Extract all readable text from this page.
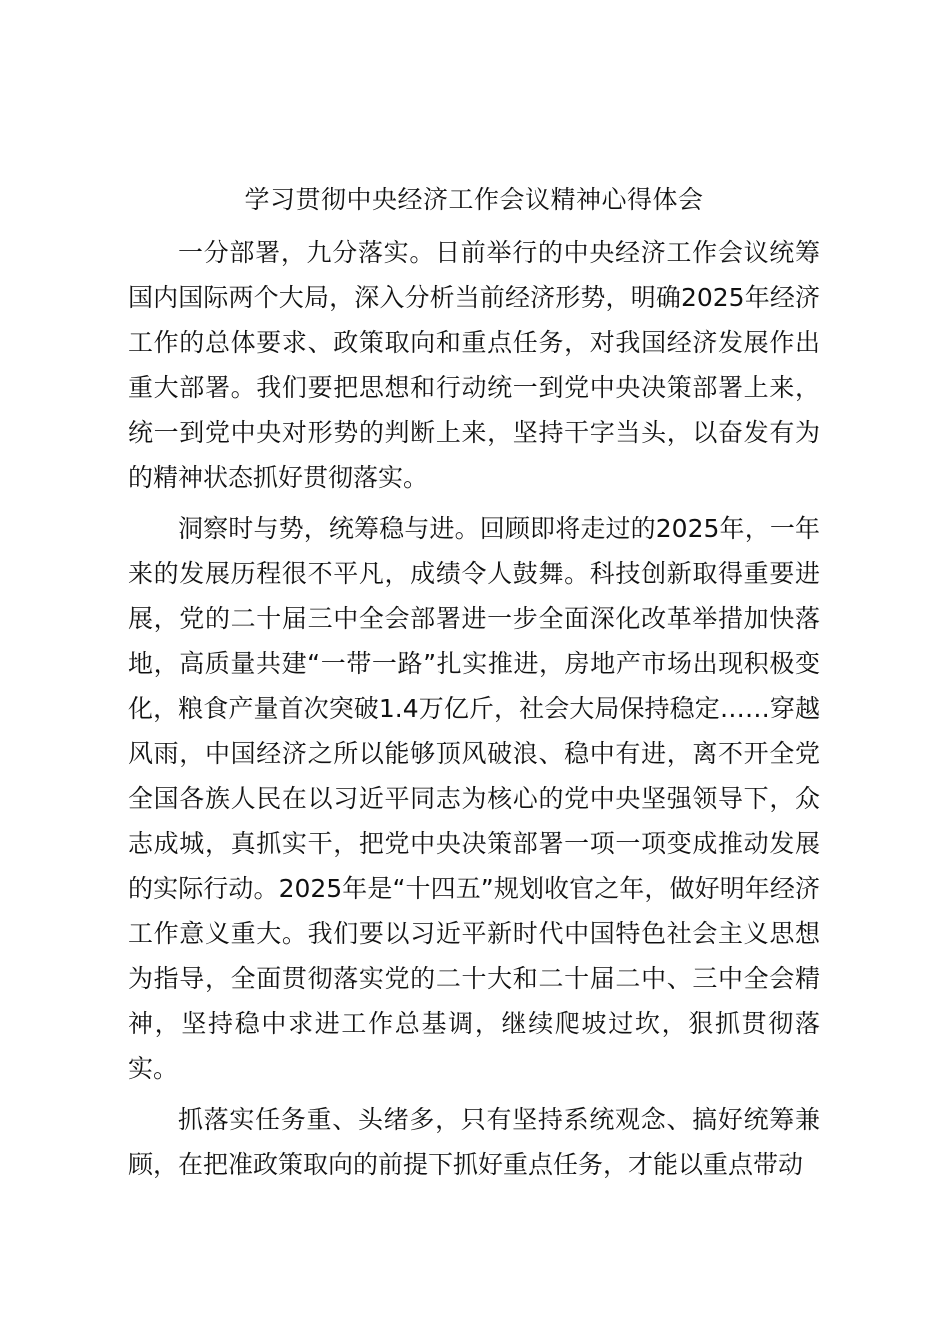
学习贯彻中央经济工作会议精神心得体会

一分部署，九分落实。日前举行的中央经济工作会议统筹国内国际两个大局，深入分析当前经济形势，明确2025年经济工作的总体要求、政策取向和重点任务，对我国经济发展作出重大部署。我们要把思想和行动统一到党中央决策部署上来，统一到党中央对形势的判断上来，坚持干字当头，以奋发有为的精神状态抓好贯彻落实。

洞察时与势，统筹稳与进。回顾即将走过的2025年，一年来的发展历程很不平凡，成绩令人鼓舞。科技创新取得重要进展，党的二十届三中全会部署进一步全面深化改革举措加快落地，高质量共建“一带一路”扎实推进，房地产市场出现积极变化，粮食产量首次突破1.4万亿斤，社会大局保持稳定……穿越风雨，中国经济之所以能够顶风破浪、稳中有进，离不开全党全国各族人民在以习近平同志为核心的党中央坚强领导下，众志成城，真抓实干，把党中央决策部署一项一项变成推动发展的实际行动。2025年是“十四五”规划收官之年，做好明年经济工作意义重大。我们要以习近平新时代中国特色社会主义思想为指导，全面贯彻落实党的二十大和二十届二中、三中全会精神，坚持稳中求进工作总基调，继续爬坡过坎，狠抓贯彻落实。

抓落实任务重、头绪多，只有坚持系统观念、搞好统筹兼顾，在把准政策取向的前提下抓好重点任务，才能以重点带动
